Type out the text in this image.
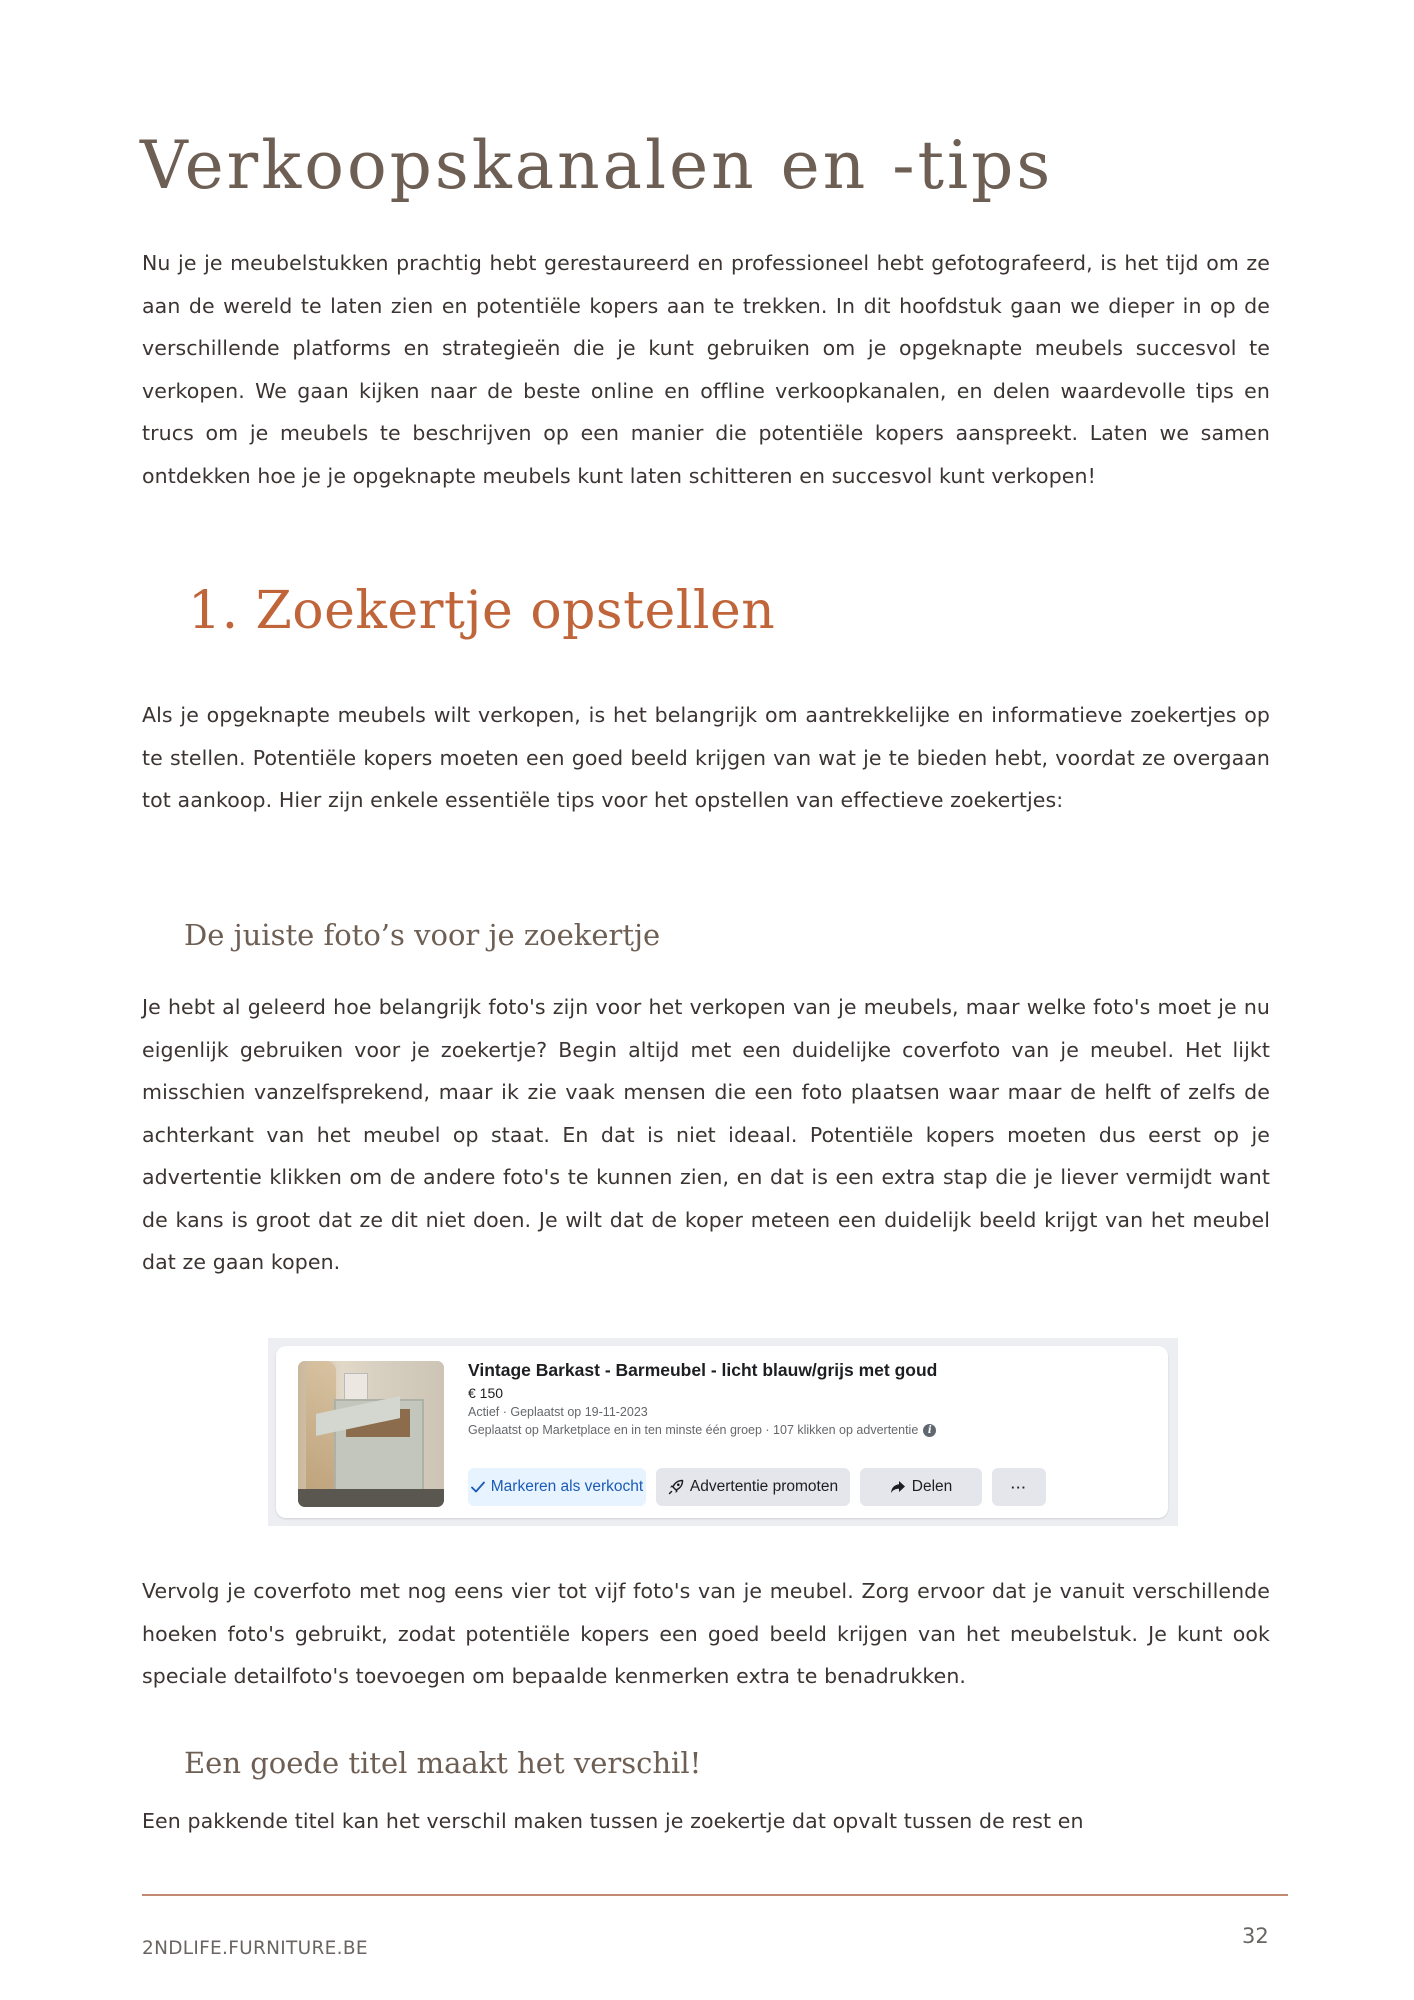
Verkoopskanalen en -tips

Nu je je meubelstukken prachtig hebt gerestaureerd en professioneel hebt gefotografeerd, is het tijd om ze aan de wereld te laten zien en potentiële kopers aan te trekken. In dit hoofdstuk gaan we dieper in op de verschillende platforms en strategieën die je kunt gebruiken om je opgeknapte meubels succesvol te verkopen. We gaan kijken naar de beste online en offline verkoopkanalen, en delen waardevolle tips en trucs om je meubels te beschrijven op een manier die potentiële kopers aanspreekt. Laten we samen ontdekken hoe je je opgeknapte meubels kunt laten schitteren en succesvol kunt verkopen!

1. Zoekertje opstellen

Als je opgeknapte meubels wilt verkopen, is het belangrijk om aantrekkelijke en informatieve zoekertjes op te stellen. Potentiële kopers moeten een goed beeld krijgen van wat je te bieden hebt, voordat ze overgaan tot aankoop. Hier zijn enkele essentiële tips voor het opstellen van effectieve zoekertjes:

De juiste foto’s voor je zoekertje

Je hebt al geleerd hoe belangrijk foto's zijn voor het verkopen van je meubels, maar welke foto's moet je nu eigenlijk gebruiken voor je zoekertje? Begin altijd met een duidelijke coverfoto van je meubel. Het lijkt misschien vanzelfsprekend, maar ik zie vaak mensen die een foto plaatsen waar maar de helft of zelfs de achterkant van het meubel op staat. En dat is niet ideaal. Potentiële kopers moeten dus eerst op je advertentie klikken om de andere foto's te kunnen zien, en dat is een extra stap die je liever vermijdt want de kans is groot dat ze dit niet doen. Je wilt dat de koper meteen een duidelijk beeld krijgt van het meubel dat ze gaan kopen.

Vintage Barkast - Barmeubel - licht blauw/grijs met goud
€ 150
Actief · Geplaatst op 19-11-2023
Geplaatst op Marketplace en in ten minste één groep · 107 klikken op advertentie i
Markeren als verkocht	Advertentie promoten	Delen	···

Vervolg je coverfoto met nog eens vier tot vijf foto's van je meubel. Zorg ervoor dat je vanuit verschillende hoeken foto's gebruikt, zodat potentiële kopers een goed beeld krijgen van het meubelstuk. Je kunt ook speciale detailfoto's toevoegen om bepaalde kenmerken extra te benadrukken.

Een goede titel maakt het verschil!

Een pakkende titel kan het verschil maken tussen je zoekertje dat opvalt tussen de rest en

2NDLIFE.FURNITURE.BE
32
